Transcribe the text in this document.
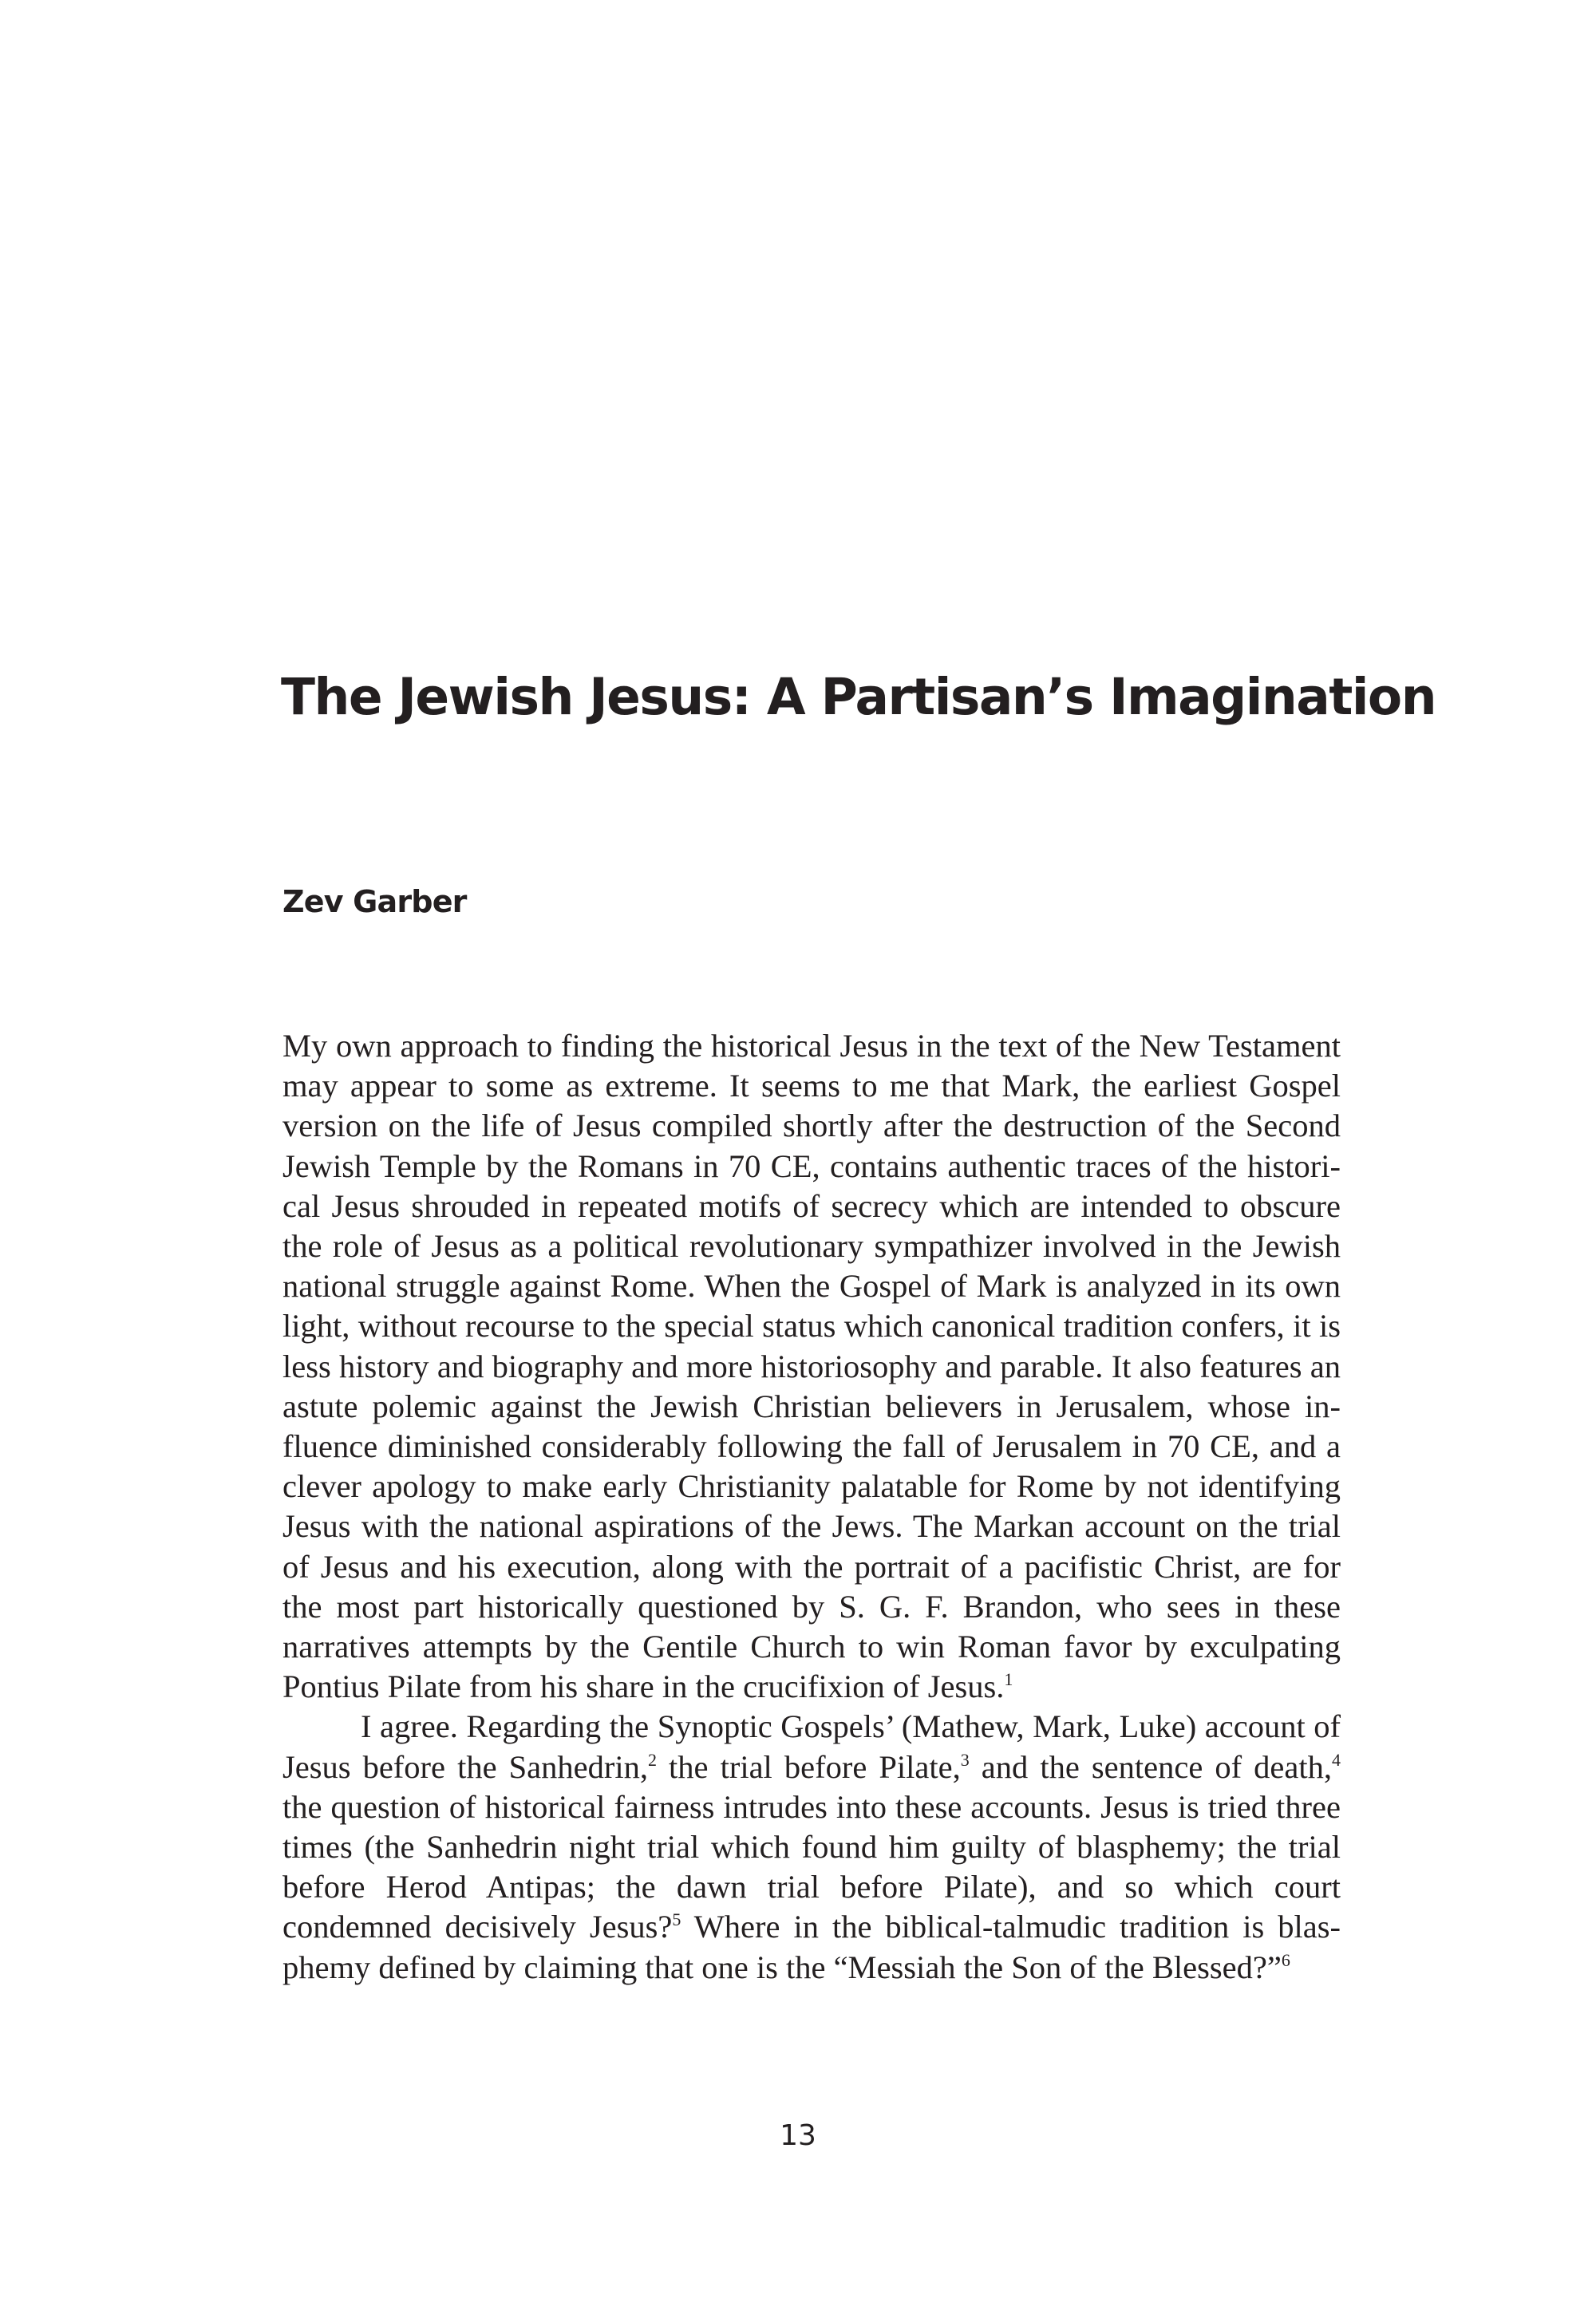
The Jewish Jesus: A Partisan’s Imagination
Zev Garber

My own approach to finding the historical Jesus in the text of the New Testament may appear to some as extreme. It seems to me that Mark, the earliest Gospel version on the life of Jesus compiled shortly after the destruction of the Second Jewish Temple by the Romans in 70 CE, contains authentic traces of the historical Jesus shrouded in repeated motifs of secrecy which are intended to obscure the role of Jesus as a political revolutionary sympathizer involved in the Jewish national struggle against Rome. When the Gospel of Mark is analyzed in its own light, without recourse to the special status which canonical tradition confers, it is less history and biography and more historiosophy and parable. It also features an astute polemic against the Jewish Christian believers in Jerusalem, whose influence diminished considerably following the fall of Jerusalem in 70 CE, and a clever apology to make early Christianity palatable for Rome by not identifying Jesus with the national aspirations of the Jews. The Markan account on the trial of Jesus and his execution, along with the portrait of a pacifistic Christ, are for the most part historically questioned by S. G. F. Brandon, who sees in these narratives attempts by the Gentile Church to win Roman favor by exculpating Pontius Pilate from his share in the crucifixion of Jesus.$^1$

I agree. Regarding the Synoptic Gospels’ (Mathew, Mark, Luke) account of Jesus before the Sanhedrin,$^2$ the trial before Pilate,$^3$ and the sentence of death,$^4$ the question of historical fairness intrudes into these accounts. Jesus is tried three times (the Sanhedrin night trial which found him guilty of blasphemy; the trial before Herod Antipas; the dawn trial before Pilate), and so which court condemned decisively Jesus?$^5$ Where in the biblical-talmudic tradition is blasphemy defined by claiming that one is the “Messiah the Son of the Blessed?”$^6$

13
